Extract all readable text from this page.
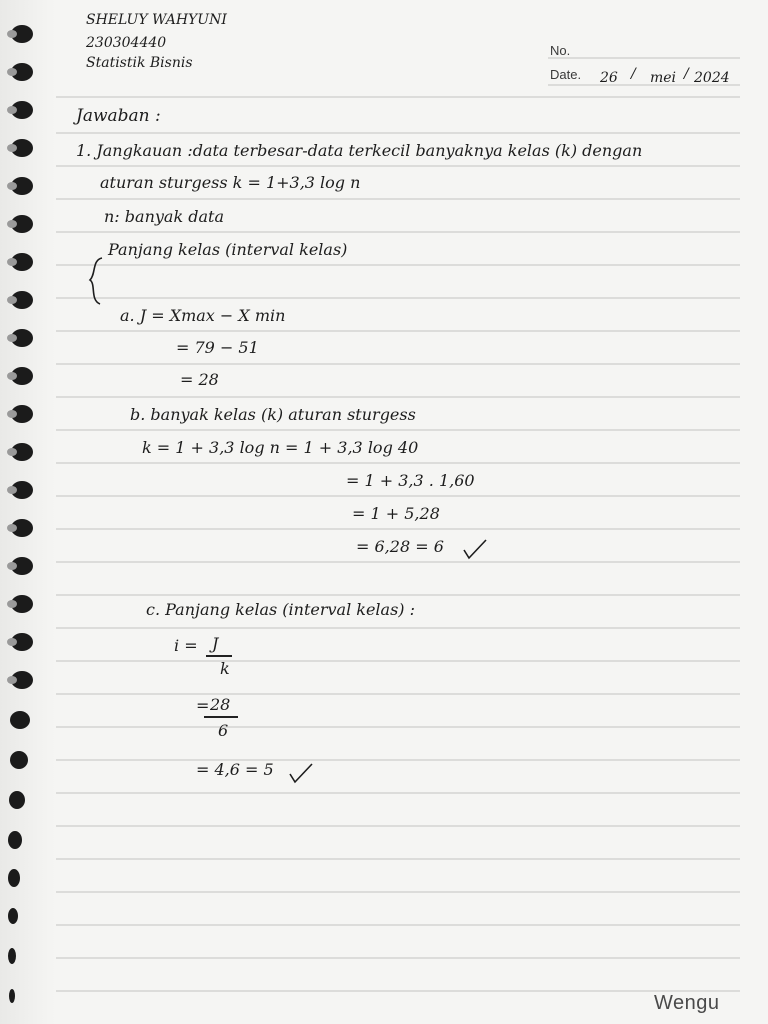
SHELUY WAHYUNI
230304440
Statistik Bisnis
No.
Date. 26 / mei / 2024
Jawaban :
1. Jangkauan :data terbesar-data terkecil banyaknya kelas (k) dengan
aturan sturgess k = 1+3,3 log n
n: banyak data
Panjang kelas (interval kelas)
a. J = Xmax − X min
= 79 − 51
= 28
b. banyak kelas (k) aturan sturgess
k = 1 + 3,3 log n = 1 + 3,3 log 40
= 1 + 3,3 . 1,60
= 1 + 5,28
= 6,28 = 6
c. Panjang kelas (interval kelas) :
i = J
k
= 28
6
= 4,6 = 5
Wengu
